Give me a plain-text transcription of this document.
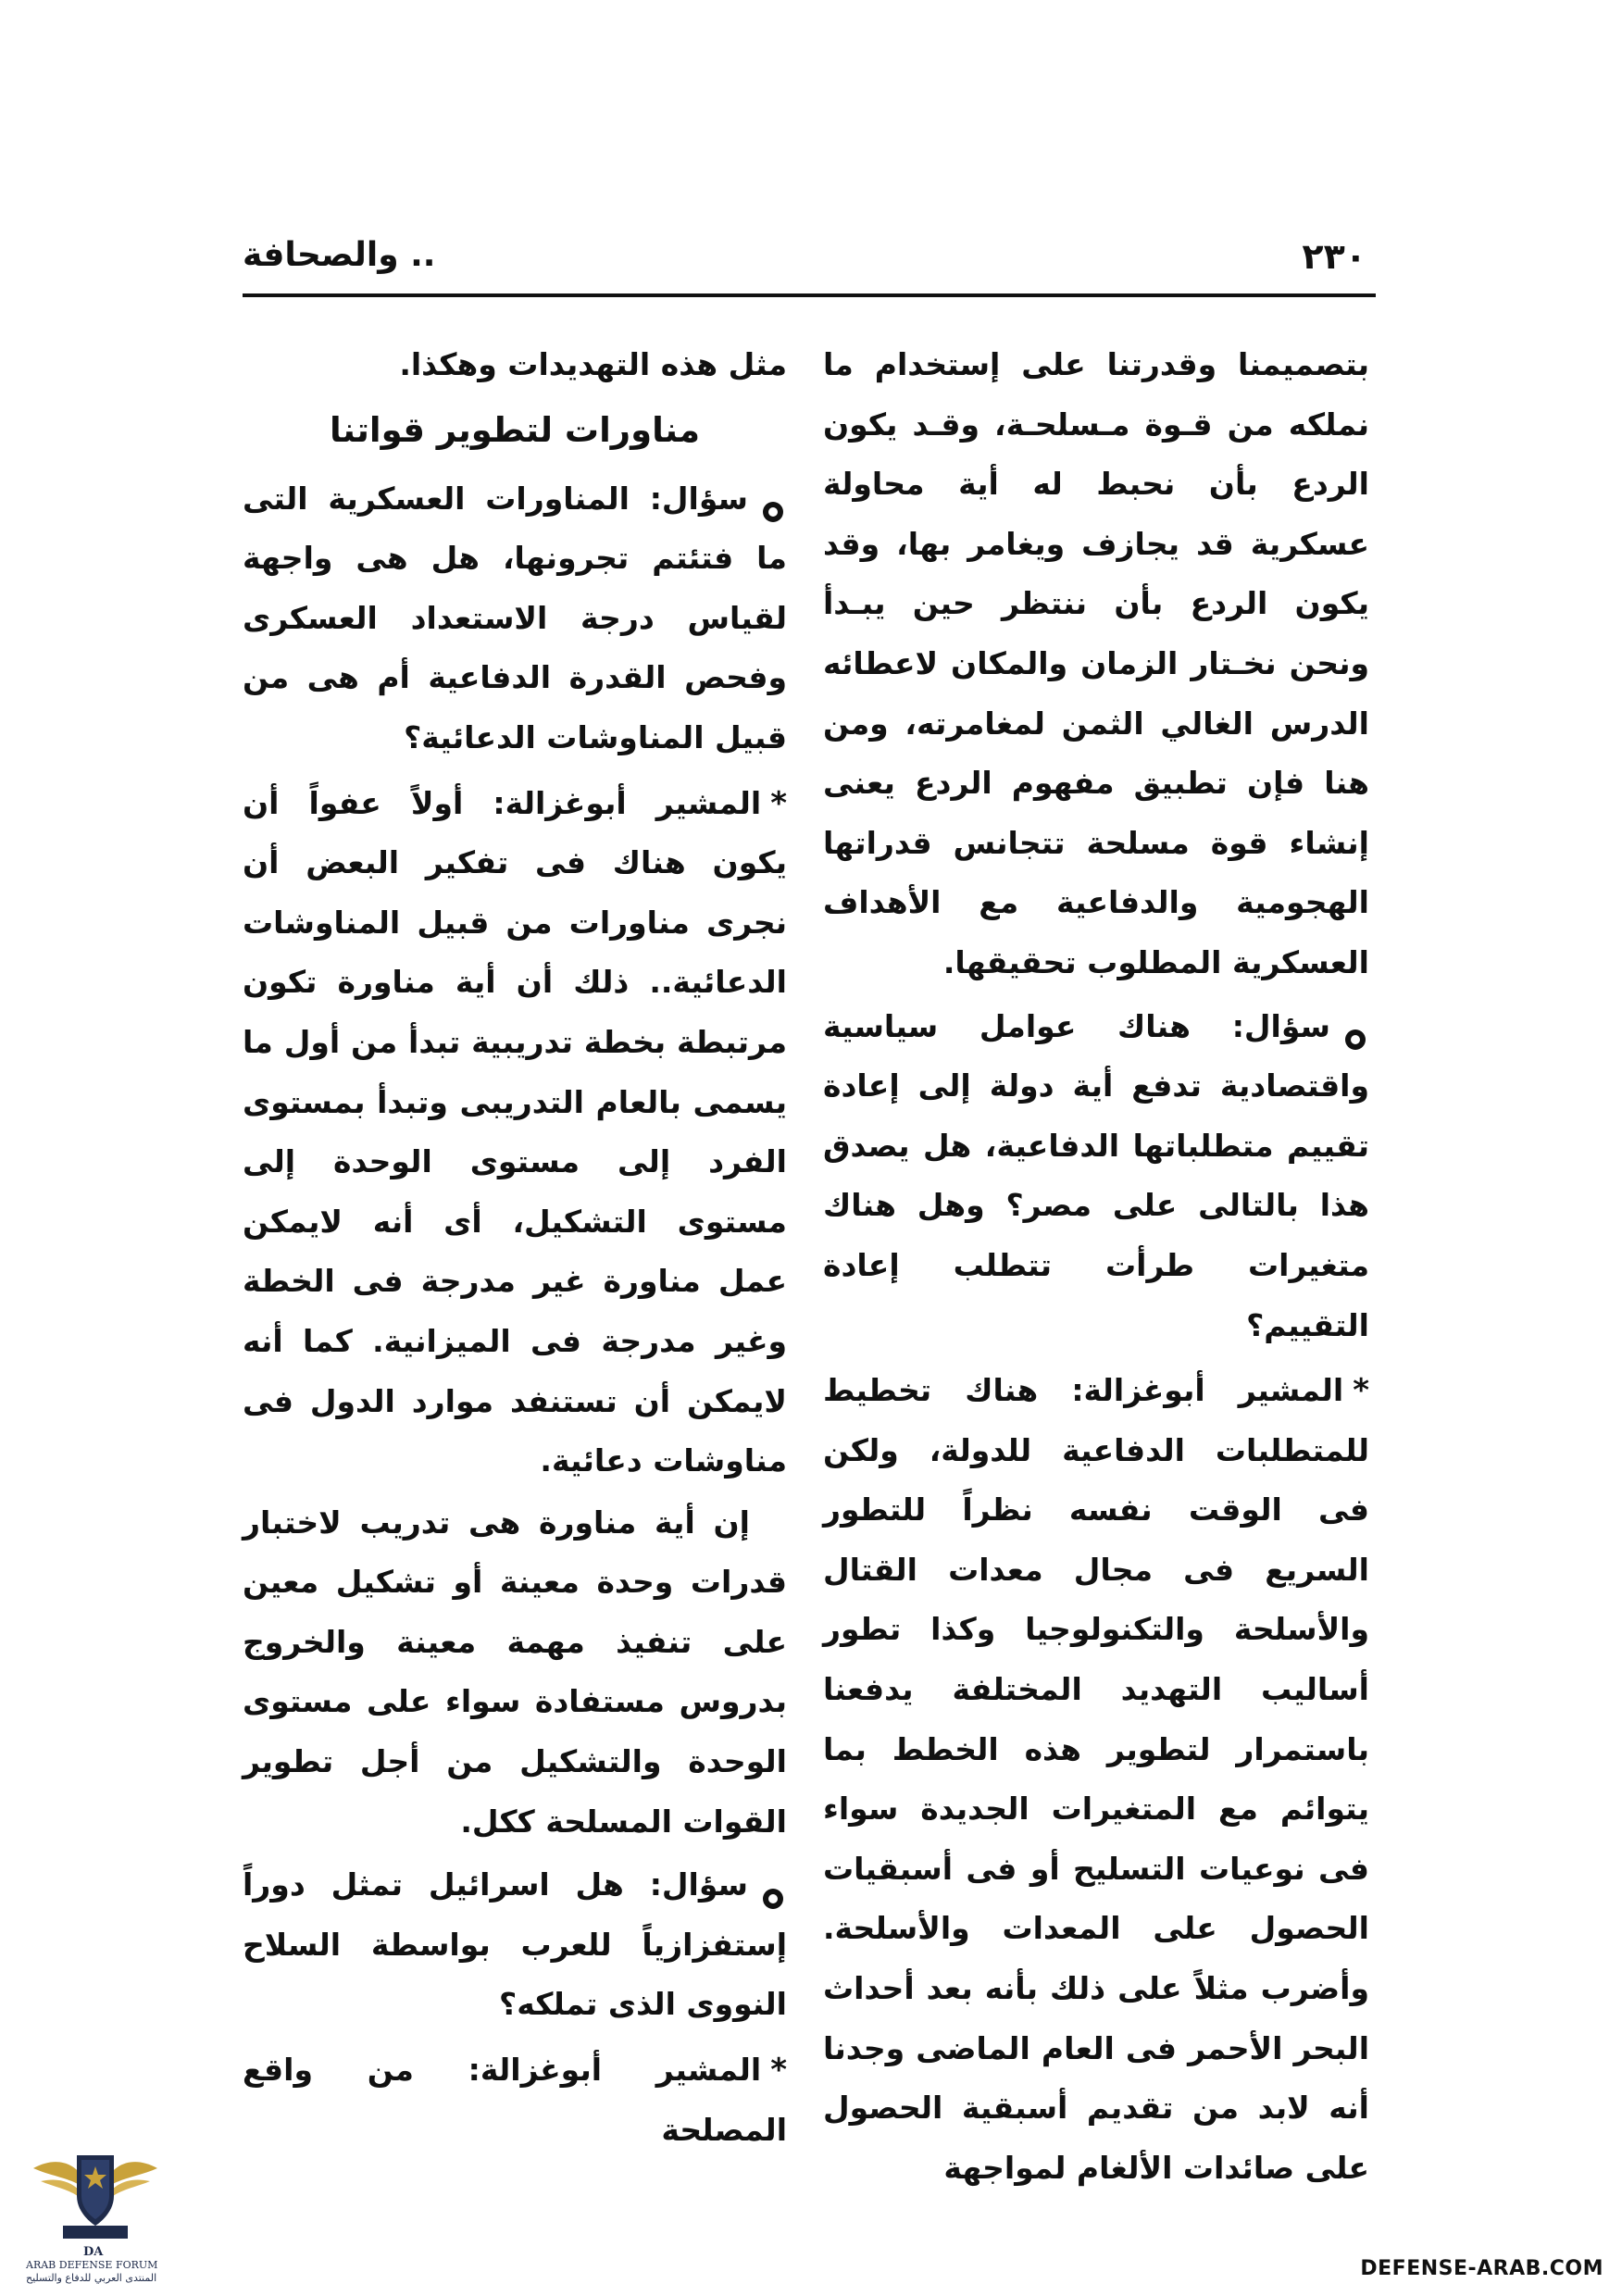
٢٣٠
.. والصحافة

بتصميمنا وقدرتنا على إستخدام ما نملكه من قـوة مـسلحـة، وقـد يكون الردع بأن نحبط له أية محاولة عسكرية قد يجازف ويغامر بها، وقد يكون الردع بأن ننتظر حين يبـدأ ونحن نخـتار الزمان والمكان لاعطائه الدرس الغالي الثمن لمغامرته، ومن هنا فإن تطبيق مفهوم الردع يعنى إنشاء قوة مسلحة تتجانس قدراتها الهجومية والدفاعية مع الأهداف العسكرية المطلوب تحقيقها.

سؤال: هناك عوامل سياسية واقتصادية تدفع أية دولة إلى إعادة تقييم متطلباتها الدفاعية، هل يصدق هذا بالتالى على مصر؟ وهل هناك متغيرات طرأت تتطلب إعادة التقييم؟
*المشير أبوغزالة: هناك تخطيط للمتطلبات الدفاعية للدولة، ولكن فى الوقت نفسه نظراً للتطور السريع فى مجال معدات القتال والأسلحة والتكنولوجيا وكذا تطور أساليب التهديد المختلفة يدفعنا باستمرار لتطوير هذه الخطط بما يتوائم مع المتغيرات الجديدة سواء فى نوعيات التسليح أو فى أسبقيات الحصول على المعدات والأسلحة. وأضرب مثلاً على ذلك بأنه بعد أحداث البحر الأحمر فى العام الماضى وجدنا أنه لابد من تقديم أسبقية الحصول على صائدات الألغام لمواجهة

مثل هذه التهديدات وهكذا.

مناورات لتطوير قواتنا

سؤال: المناورات العسكرية التى ما فتئتم تجرونها، هل هى واجهة لقياس درجة الاستعداد العسكرى وفحص القدرة الدفاعية أم هى من قبيل المناوشات الدعائية؟
*المشير أبوغزالة: أولاً عفواً أن يكون هناك فى تفكير البعض أن نجرى مناورات من قبيل المناوشات الدعائية.. ذلك أن أية مناورة تكون مرتبطة بخطة تدريبية تبدأ من أول ما يسمى بالعام التدريبى وتبدأ بمستوى الفرد إلى مستوى الوحدة إلى مستوى التشكيل، أى أنه لايمكن عمل مناورة غير مدرجة فى الخطة وغير مدرجة فى الميزانية. كما أنه لايمكن أن تستنفد موارد الدول فى مناوشات دعائية.

إن أية مناورة هى تدريب لاختبار قدرات وحدة معينة أو تشكيل معين على تنفيذ مهمة معينة والخروج بدروس مستفادة سواء على مستوى الوحدة والتشكيل من أجل تطوير القوات المسلحة ككل.

سؤال: هل اسرائيل تمثل دوراً إستفزازياً للعرب بواسطة السلاح النووى الذى تملكه؟
*المشير أبوغزالة: من واقع المصلحة
DA
ARAB DEFENSE FORUM
المنتدى العربي للدفاع والتسليح	DEFENSE-ARAB.COM
